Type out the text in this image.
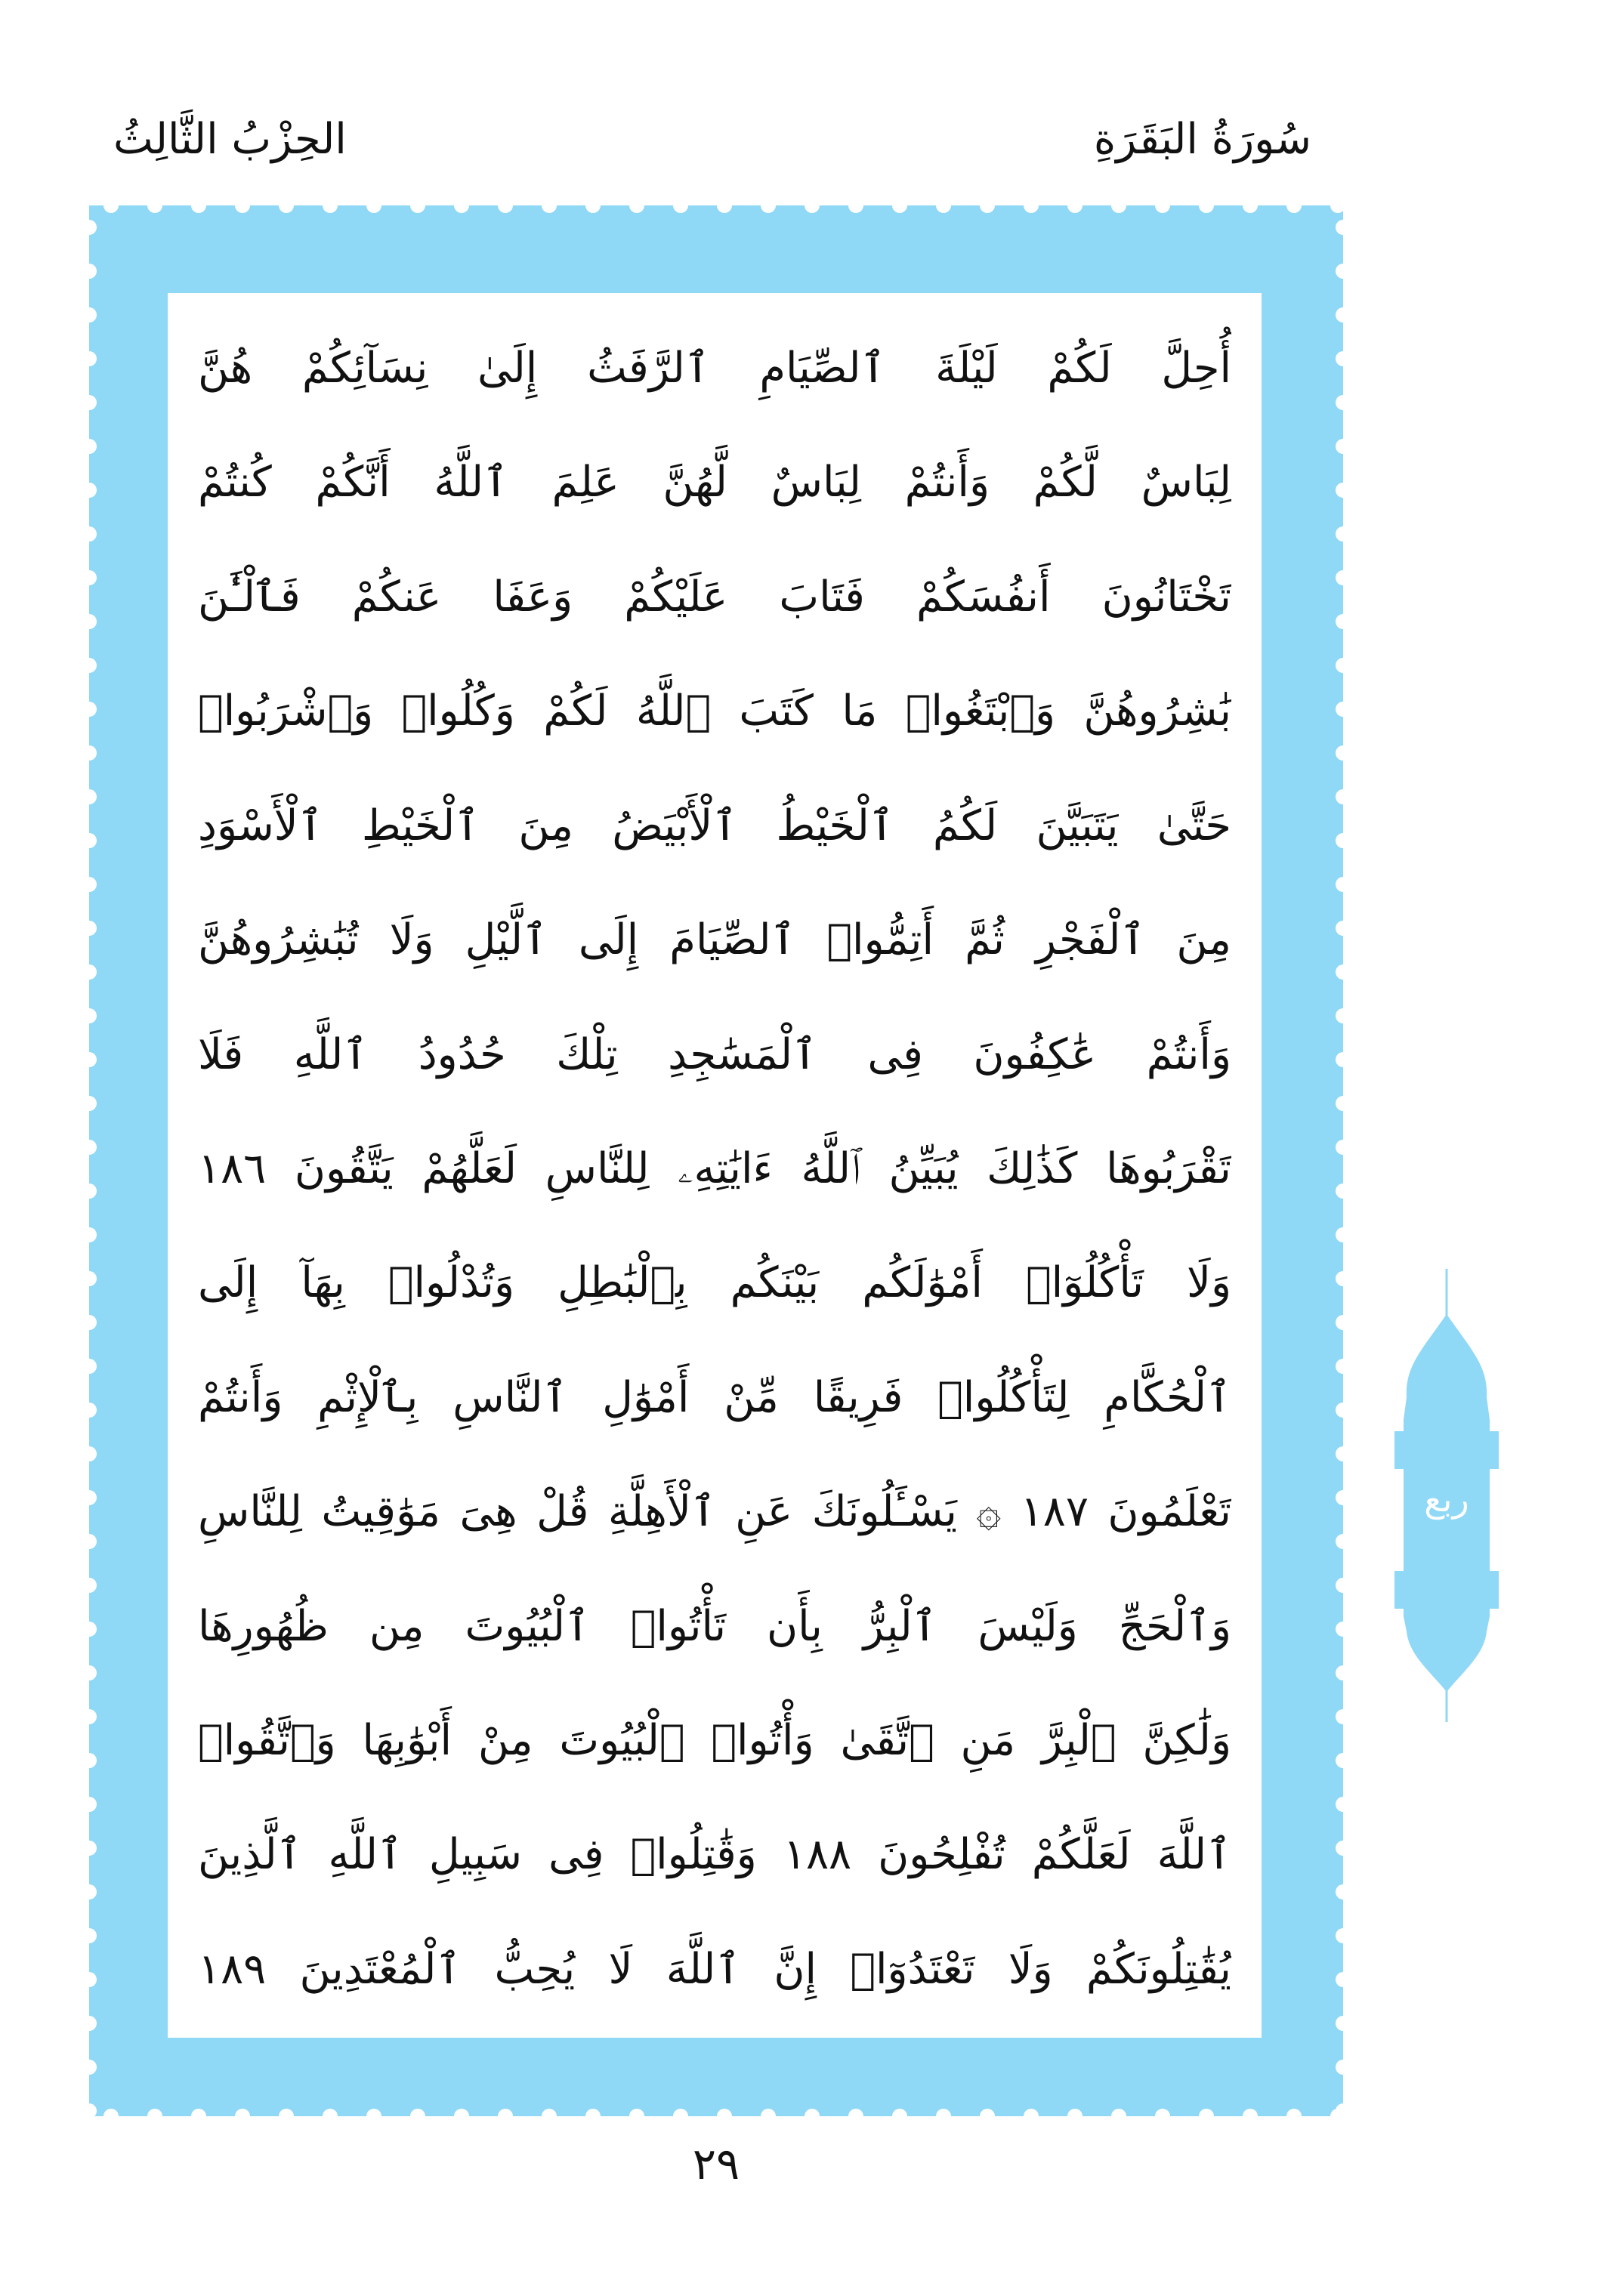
سُورَةُ البَقَرَةِ
الحِزْبُ الثَّالِثُ
أُحِلَّ لَكُمْ لَيْلَةَ ٱلصِّيَامِ ٱلرَّفَثُ إِلَىٰ نِسَآئِكُمْ هُنَّ
لِبَاسٌ لَّكُمْ وَأَنتُمْ لِبَاسٌ لَّهُنَّ عَلِمَ ٱللَّهُ أَنَّكُمْ كُنتُمْ
تَخْتَانُونَ أَنفُسَكُمْ فَتَابَ عَلَيْكُمْ وَعَفَا عَنكُمْ فَٱلْـَٰٔنَ
بَٰشِرُوهُنَّ وَٱبْتَغُوا۟ مَا كَتَبَ ٱللَّهُ لَكُمْ وَكُلُوا۟ وَٱشْرَبُوا۟
حَتَّىٰ يَتَبَيَّنَ لَكُمُ ٱلْخَيْطُ ٱلْأَبْيَضُ مِنَ ٱلْخَيْطِ ٱلْأَسْوَدِ
مِنَ ٱلْفَجْرِ ثُمَّ أَتِمُّوا۟ ٱلصِّيَامَ إِلَى ٱلَّيْلِ وَلَا تُبَٰشِرُوهُنَّ
وَأَنتُمْ عَٰكِفُونَ فِى ٱلْمَسَٰجِدِ تِلْكَ حُدُودُ ٱللَّهِ فَلَا
تَقْرَبُوهَا كَذَٰلِكَ يُبَيِّنُ ٱللَّهُ ءَايَٰتِهِۦ لِلنَّاسِ لَعَلَّهُمْ يَتَّقُونَ ١٨٦
وَلَا تَأْكُلُوٓا۟ أَمْوَٰلَكُم بَيْنَكُم بِٱلْبَٰطِلِ وَتُدْلُوا۟ بِهَآ إِلَى
ٱلْحُكَّامِ لِتَأْكُلُوا۟ فَرِيقًا مِّنْ أَمْوَٰلِ ٱلنَّاسِ بِٱلْإِثْمِ وَأَنتُمْ
تَعْلَمُونَ ١٨٧ ۞ يَسْـَٔلُونَكَ عَنِ ٱلْأَهِلَّةِ قُلْ هِىَ مَوَٰقِيتُ لِلنَّاسِ
وَٱلْحَجِّ وَلَيْسَ ٱلْبِرُّ بِأَن تَأْتُوا۟ ٱلْبُيُوتَ مِن ظُهُورِهَا
وَلَٰكِنَّ ٱلْبِرَّ مَنِ ٱتَّقَىٰ وَأْتُوا۟ ٱلْبُيُوتَ مِنْ أَبْوَٰبِهَا وَٱتَّقُوا۟
ٱللَّهَ لَعَلَّكُمْ تُفْلِحُونَ ١٨٨ وَقَٰتِلُوا۟ فِى سَبِيلِ ٱللَّهِ ٱلَّذِينَ
يُقَٰتِلُونَكُمْ وَلَا تَعْتَدُوٓا۟ إِنَّ ٱللَّهَ لَا يُحِبُّ ٱلْمُعْتَدِينَ ١٨٩
ربع
٢٩
